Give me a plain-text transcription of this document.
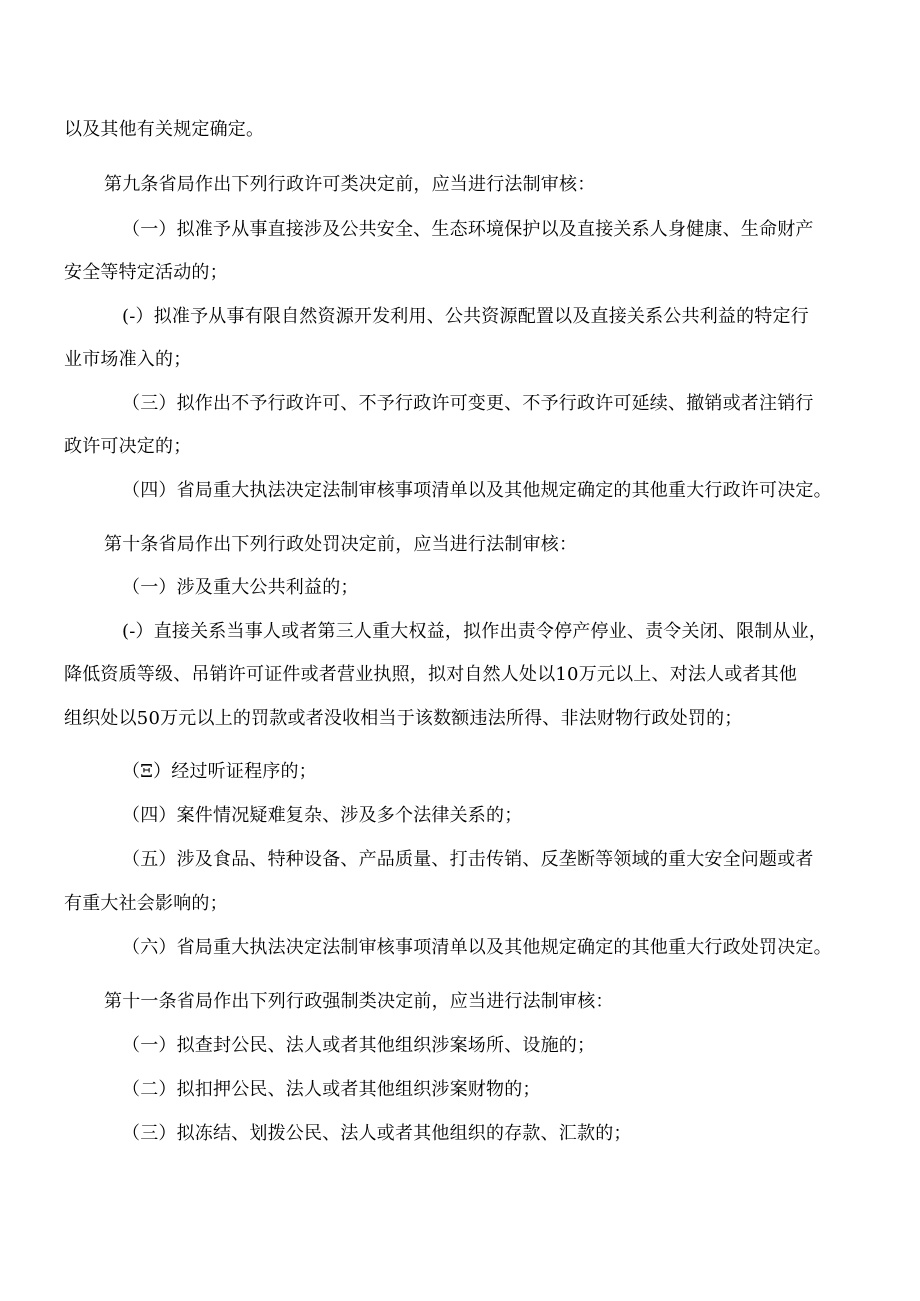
以及其他有关规定确定。

第九条省局作出下列行政许可类决定前，应当进行法制审核：

（一）拟准予从事直接涉及公共安全、生态环境保护以及直接关系人身健康、生命财产

安全等特定活动的；

(-）拟准予从事有限自然资源开发利用、公共资源配置以及直接关系公共利益的特定行

业市场准入的；

（三）拟作出不予行政许可、不予行政许可变更、不予行政许可延续、撤销或者注销行

政许可决定的；

（四）省局重大执法决定法制审核事项清单以及其他规定确定的其他重大行政许可决定。

第十条省局作出下列行政处罚决定前，应当进行法制审核：

（一）涉及重大公共利益的；

(-）直接关系当事人或者第三人重大权益，拟作出责令停产停业、责令关闭、限制从业，

降低资质等级、吊销许可证件或者营业执照，拟对自然人处以10万元以上、对法人或者其他

组织处以50万元以上的罚款或者没收相当于该数额违法所得、非法财物行政处罚的；

（Ξ）经过听证程序的；

（四）案件情况疑难复杂、涉及多个法律关系的；

（五）涉及食品、特种设备、产品质量、打击传销、反垄断等领域的重大安全问题或者

有重大社会影响的；

（六）省局重大执法决定法制审核事项清单以及其他规定确定的其他重大行政处罚决定。

第十一条省局作出下列行政强制类决定前，应当进行法制审核：

（一）拟查封公民、法人或者其他组织涉案场所、设施的；

（二）拟扣押公民、法人或者其他组织涉案财物的；

（三）拟冻结、划拨公民、法人或者其他组织的存款、汇款的；
